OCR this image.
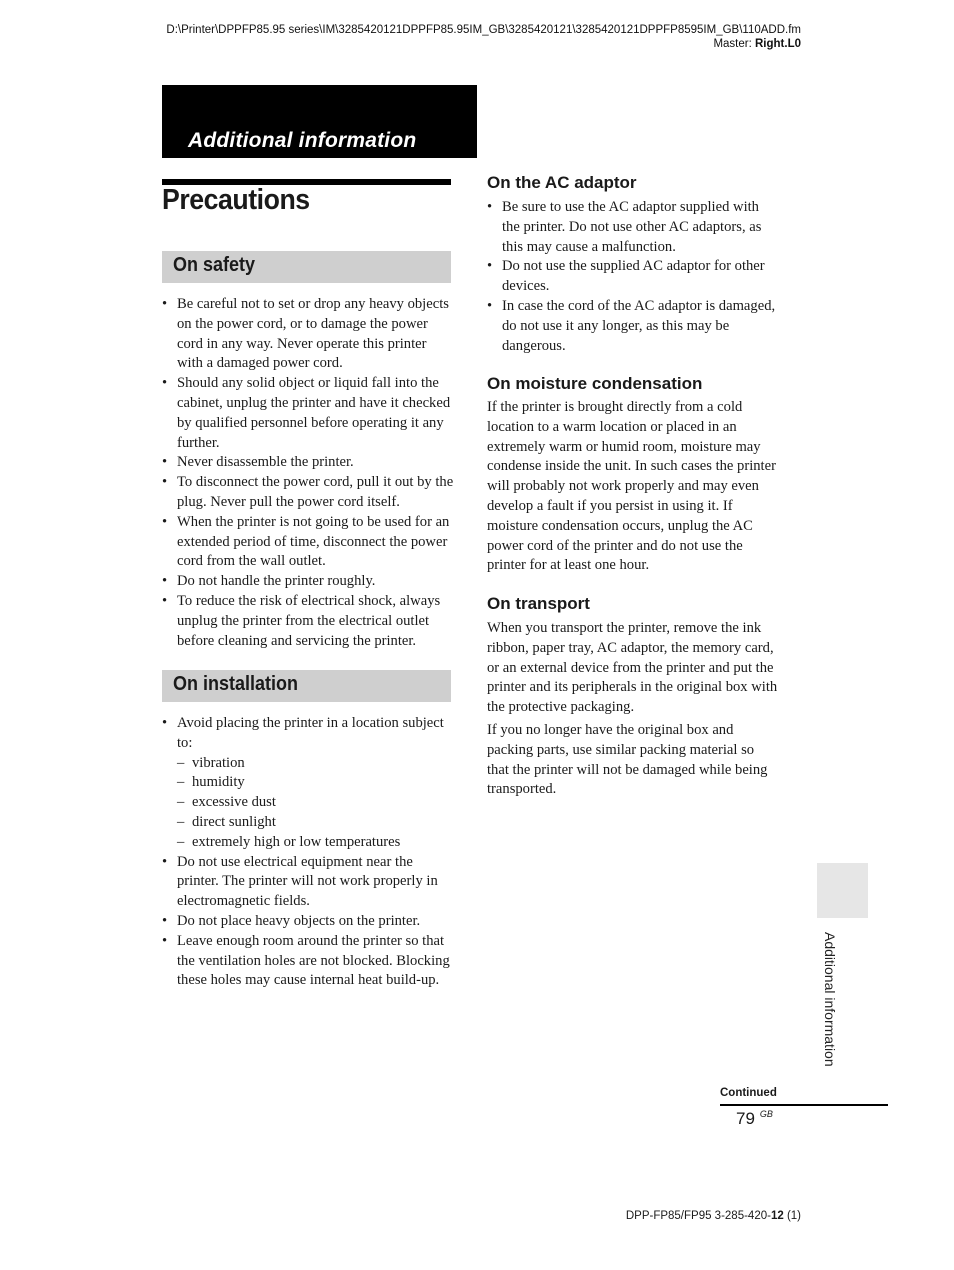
D:\Printer\DPPFP85.95 series\IM\3285420121DPPFP85.95IM_GB\3285420121\3285420121DPPFP8595IM_GB\110ADD.fm
Master: Right.L0
Additional information
Precautions
On safety
• Be careful not to set or drop any heavy objects on the power cord, or to damage the power cord in any way. Never operate this printer with a damaged power cord.
• Should any solid object or liquid fall into the cabinet, unplug the printer and have it checked by qualified personnel before operating it any further.
• Never disassemble the printer.
• To disconnect the power cord, pull it out by the plug. Never pull the power cord itself.
• When the printer is not going to be used for an extended period of time, disconnect the power cord from the wall outlet.
• Do not handle the printer roughly.
• To reduce the risk of electrical shock, always unplug the printer from the electrical outlet before cleaning and servicing the printer.
On installation
• Avoid placing the printer in a location subject to:
– vibration
– humidity
– excessive dust
– direct sunlight
– extremely high or low temperatures
• Do not use electrical equipment near the printer. The printer will not work properly in electromagnetic fields.
• Do not place heavy objects on the printer.
• Leave enough room around the printer so that the ventilation holes are not blocked. Blocking these holes may cause internal heat build-up.
On the AC adaptor
• Be sure to use the AC adaptor supplied with the printer. Do not use other AC adaptors, as this may cause a malfunction.
• Do not use the supplied AC adaptor for other devices.
• In case the cord of the AC adaptor is damaged, do not use it any longer, as this may be dangerous.
On moisture condensation

If the printer is brought directly from a cold location to a warm location or placed in an extremely warm or humid room, moisture may condense inside the unit. In such cases the printer will probably not work properly and may even develop a fault if you persist in using it. If moisture condensation occurs, unplug the AC power cord of the printer and do not use the printer for at least one hour.

On transport

When you transport the printer, remove the ink ribbon, paper tray, AC adaptor, the memory card, or an external device from the printer and put the printer and its peripherals in the original box with the protective packaging.

If you no longer have the original box and packing parts, use similar packing material so that the printer will not be damaged while being transported.

Additional information
Continued
79 $^{GB}$
DPP-FP85/FP95 3-285-420-12 (1)
